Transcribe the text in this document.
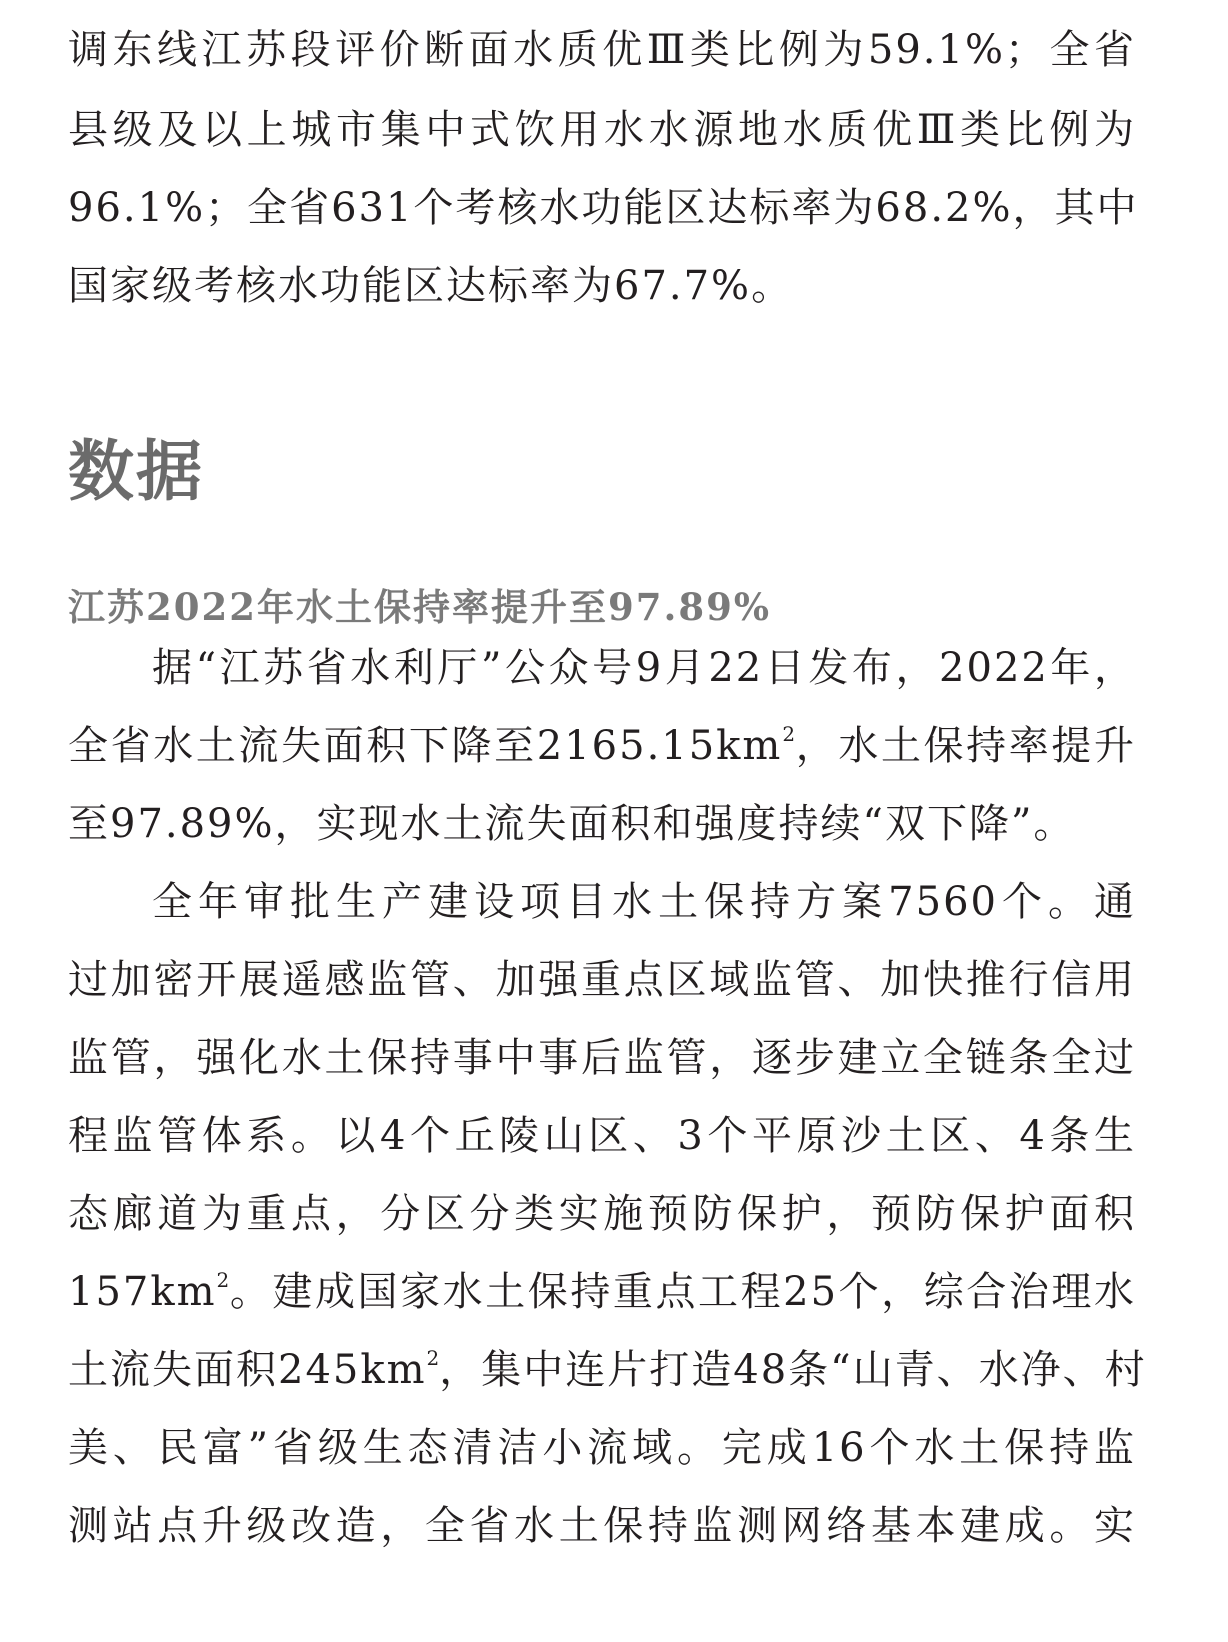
调东线江苏段评价断面水质优Ⅲ类比例为59.1%；全省
县级及以上城市集中式饮用水水源地水质优Ⅲ类比例为
96.1%；全省631个考核水功能区达标率为68.2%，其中
国家级考核水功能区达标率为67.7%。
数据
江苏2022年水土保持率提升至97.89%
据“江苏省水利厅”公众号9月22日发布，2022年，
全省水土流失面积下降至$2165.15km^2$，水土保持率提升
至97.89%，实现水土流失面积和强度持续“双下降”。
全年审批生产建设项目水土保持方案7560个。通
过加密开展遥感监管、加强重点区域监管、加快推行信用
监管，强化水土保持事中事后监管，逐步建立全链条全过
程监管体系。以4个丘陵山区、3个平原沙土区、4条生
态廊道为重点，分区分类实施预防保护，预防保护面积
$157km^2$。建成国家水土保持重点工程25个，综合治理水
土流失面积$245km^2$，集中连片打造48条“山青、水净、村
美、民富”省级生态清洁小流域。完成16个水土保持监
测站点升级改造，全省水土保持监测网络基本建成。实
